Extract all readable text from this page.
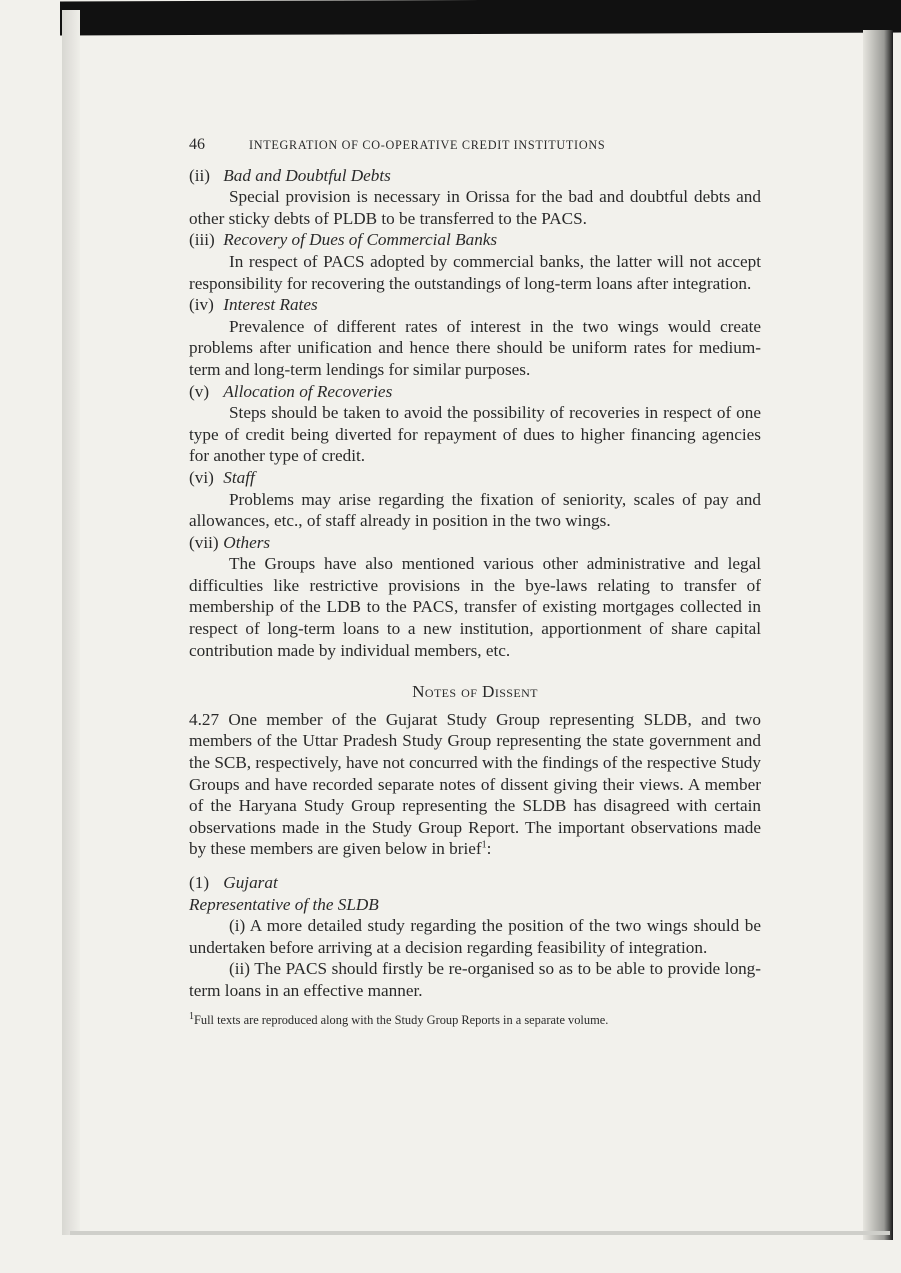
46	INTEGRATION OF CO-OPERATIVE CREDIT INSTITUTIONS

(ii) Bad and Doubtful Debts

Special provision is necessary in Orissa for the bad and doubtful debts and other sticky debts of PLDB to be transferred to the PACS.

(iii) Recovery of Dues of Commercial Banks

In respect of PACS adopted by commercial banks, the latter will not accept responsibility for recovering the outstandings of long-term loans after integration.

(iv) Interest Rates

Prevalence of different rates of interest in the two wings would create problems after unification and hence there should be uniform rates for medium-term and long-term lendings for similar purposes.

(v) Allocation of Recoveries

Steps should be taken to avoid the possibility of recoveries in respect of one type of credit being diverted for repayment of dues to higher financing agencies for another type of credit.

(vi) Staff

Problems may arise regarding the fixation of seniority, scales of pay and allowances, etc., of staff already in position in the two wings.

(vii) Others

The Groups have also mentioned various other administrative and legal difficulties like restrictive provisions in the bye-laws relating to transfer of membership of the LDB to the PACS, transfer of existing mortgages collected in respect of long-term loans to a new institution, apportionment of share capital contribution made by individual members, etc.

Notes of Dissent

4.27 One member of the Gujarat Study Group representing SLDB, and two members of the Uttar Pradesh Study Group representing the state government and the SCB, respectively, have not concurred with the findings of the respective Study Groups and have recorded separate notes of dissent giving their views. A member of the Haryana Study Group representing the SLDB has disagreed with certain observations made in the Study Group Report. The important observations made by these members are given below in brief$^1$:

(1) Gujarat

Representative of the SLDB

(i) A more detailed study regarding the position of the two wings should be undertaken before arriving at a decision regarding feasibility of integration.

(ii) The PACS should firstly be re-organised so as to be able to provide long-term loans in an effective manner.

$^1$Full texts are reproduced along with the Study Group Reports in a separate volume.
